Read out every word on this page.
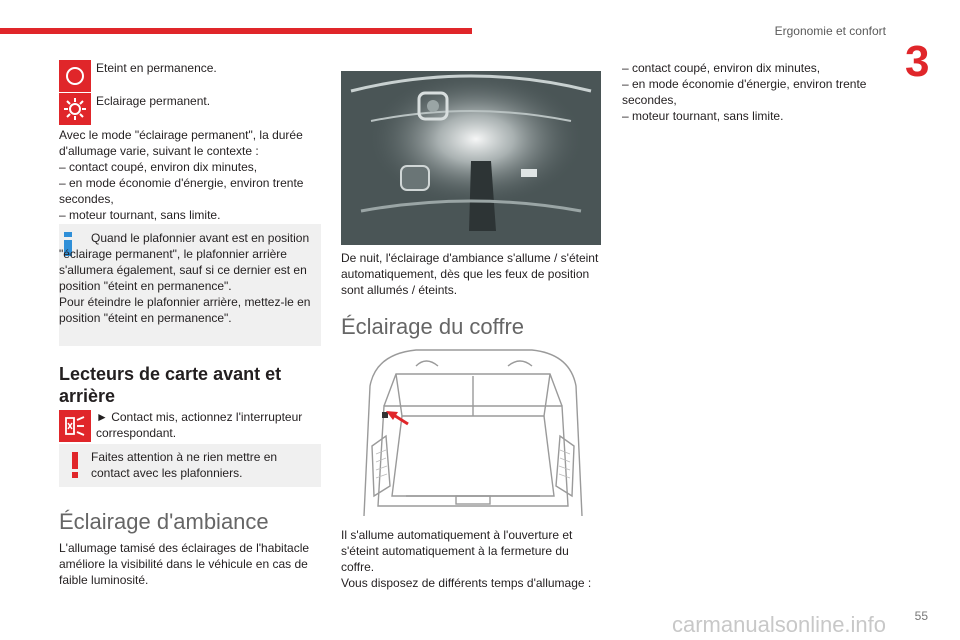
Ergonomie et confort
3
Eteint en permanence.
Eclairage permanent.

Avec le mode "éclairage permanent", la durée d'allumage varie, suivant le contexte :

– contact coupé, environ dix minutes,

– en mode économie d'énergie, environ trente secondes,

– moteur tournant, sans limite.

Quand le plafonnier avant est en position "éclairage permanent", le plafonnier arrière s'allumera également, sauf si ce dernier est en position "éteint en permanence".

Pour éteindre le plafonnier arrière, mettez-le en position "éteint en permanence".

Lecteurs de carte avant et arrière
► Contact mis, actionnez l'interrupteur correspondant.
Faites attention à ne rien mettre en contact avec les plafonniers.
Éclairage d'ambiance
L'allumage tamisé des éclairages de l'habitacle améliore la visibilité dans le véhicule en cas de faible luminosité.
De nuit, l'éclairage d'ambiance s'allume / s'éteint automatiquement, dès que les feux de position sont allumés / éteints.
Éclairage du coffre

Il s'allume automatiquement à l'ouverture et s'éteint automatiquement à la fermeture du coffre.

Vous disposez de différents temps d'allumage :

– contact coupé, environ dix minutes,

– en mode économie d'énergie, environ trente secondes,

– moteur tournant, sans limite.

55
carmanualsonline.info
